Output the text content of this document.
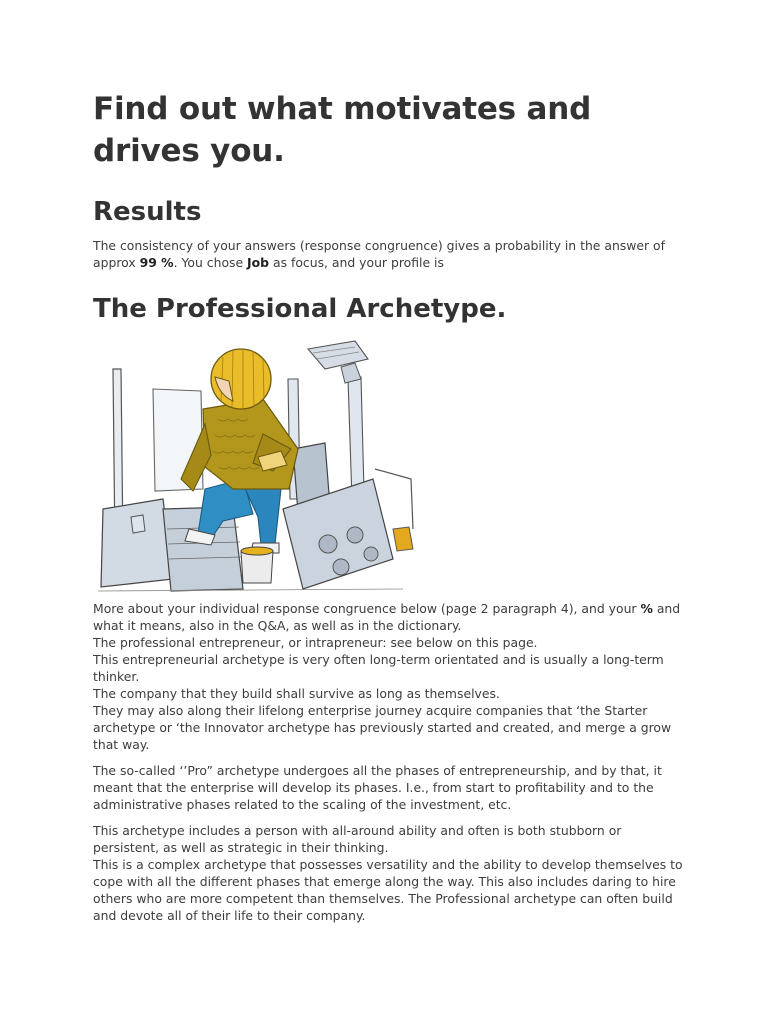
Find out what motivates and drives you.
Results

The consistency of your answers (response congruence) gives a probability in the answer of approx 99 %. You chose Job as focus, and your profile is

The Professional Archetype.

More about your individual response congruence below (page 2 paragraph 4), and your % and what it means, also in the Q&A, as well as in the dictionary.

The professional entrepreneur, or intrapreneur: see below on this page.

This entrepreneurial archetype is very often long-term orientated and is usually a long-term thinker.

The company that they build shall survive as long as themselves.

They may also along their lifelong enterprise journey acquire companies that ‘the Starter archetype or ‘the Innovator archetype has previously started and created, and merge a grow that way.

The so-called ‘’Pro” archetype undergoes all the phases of entrepreneurship, and by that, it meant that the enterprise will develop its phases. I.e., from start to profitability and to the administrative phases related to the scaling of the investment, etc.

This archetype includes a person with all-around ability and often is both stubborn or persistent, as well as strategic in their thinking.

This is a complex archetype that possesses versatility and the ability to develop themselves to cope with all the different phases that emerge along the way. This also includes daring to hire others who are more competent than themselves. The Professional archetype can often build and devote all of their life to their company.
